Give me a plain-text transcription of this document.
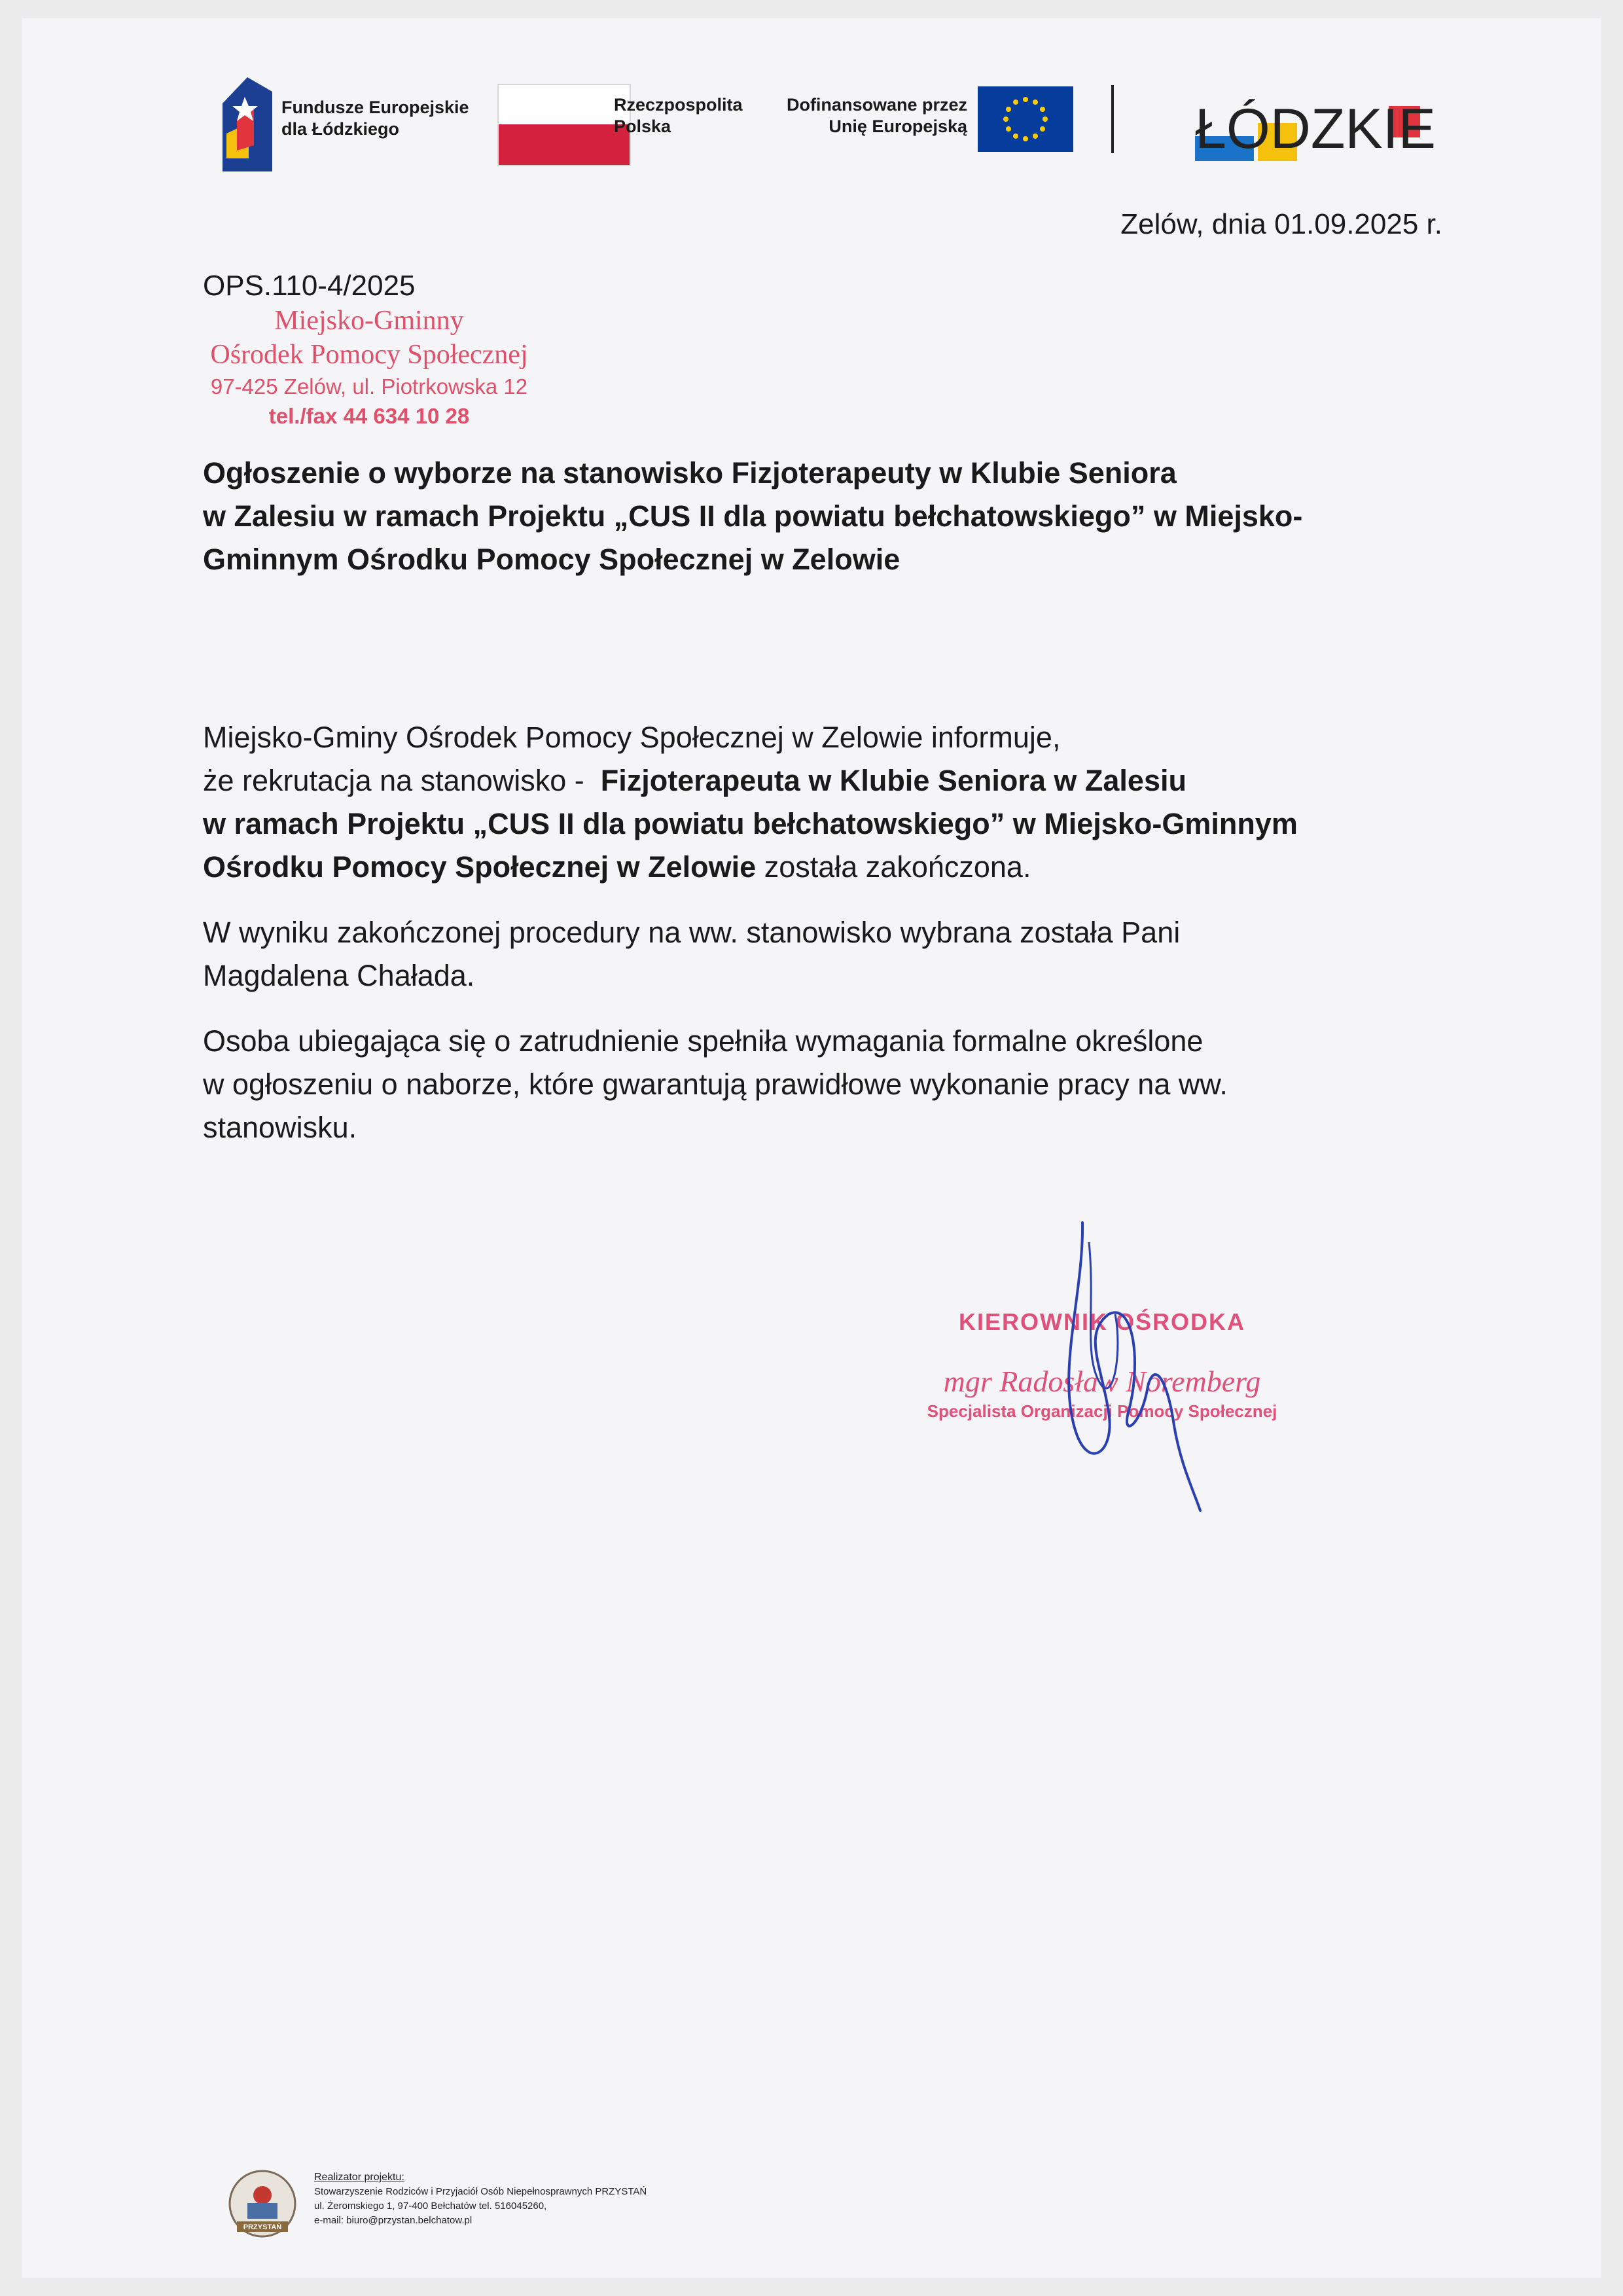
Fundusze Europejskie
dla Łódzkiego
Rzeczpospolita
Polska
Dofinansowane przez
Unię Europejską	ŁÓDZKIE
Zelów, dnia 01.09.2025 r.
OPS.110-4/2025
Miejsko-Gminny
Ośrodek Pomocy Społecznej
97-425 Zelów, ul. Piotrkowska 12
tel./fax 44 634 10 28
Ogłoszenie o wyborze na stanowisko Fizjoterapeuty w Klubie Seniora
w Zalesiu w ramach Projektu „CUS II dla powiatu bełchatowskiego” w Miejsko-
Gminnym Ośrodku Pomocy Społecznej w Zelowie

Miejsko-Gminy Ośrodek Pomocy Społecznej w Zelowie informuje,
że rekrutacja na stanowisko - Fizjoterapeuta w Klubie Seniora w Zalesiu
w ramach Projektu „CUS II dla powiatu bełchatowskiego” w Miejsko-Gminnym
Ośrodku Pomocy Społecznej w Zelowie została zakończona.

W wyniku zakończonej procedury na ww. stanowisko wybrana została Pani
Magdalena Chałada.

Osoba ubiegająca się o zatrudnienie spełniła wymagania formalne określone
w ogłoszeniu o naborze, które gwarantują prawidłowe wykonanie pracy na ww.
stanowisku.

KIEROWNIK OŚRODKA
mgr Radosław Noremberg
Specjalista Organizacji Pomocy Społecznej
PRZYSTAŃ
Realizator projektu:
Stowarzyszenie Rodziców i Przyjaciół Osób Niepełnosprawnych PRZYSTAŃ
ul. Żeromskiego 1, 97-400 Bełchatów tel. 516045260,
e-mail: biuro@przystan.belchatow.pl
